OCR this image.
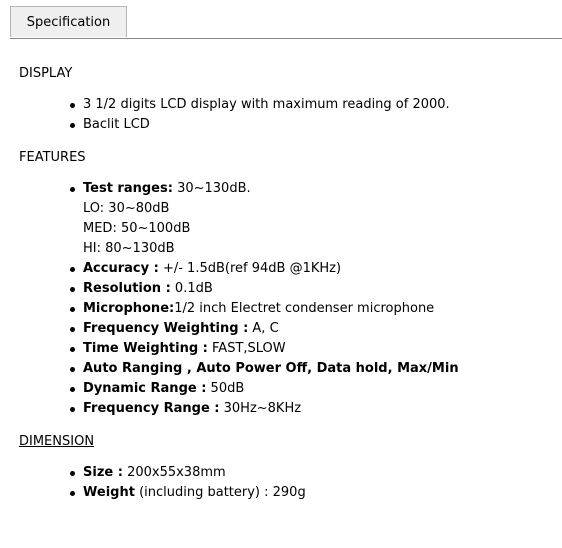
Specification
DISPLAY
3 1/2 digits LCD display with maximum reading of 2000.
Baclit LCD
FEATURES
Test ranges: 30~130dB.
LO: 30~80dB
MED: 50~100dB
HI: 80~130dB
Accuracy : +/- 1.5dB(ref 94dB @1KHz)
Resolution : 0.1dB
Microphone:1/2 inch Electret condenser microphone
Frequency Weighting : A, C
Time Weighting : FAST,SLOW
Auto Ranging , Auto Power Off, Data hold, Max/Min
Dynamic Range : 50dB
Frequency Range : 30Hz~8KHz
DIMENSION
Size : 200x55x38mm
Weight (including battery) : 290g
